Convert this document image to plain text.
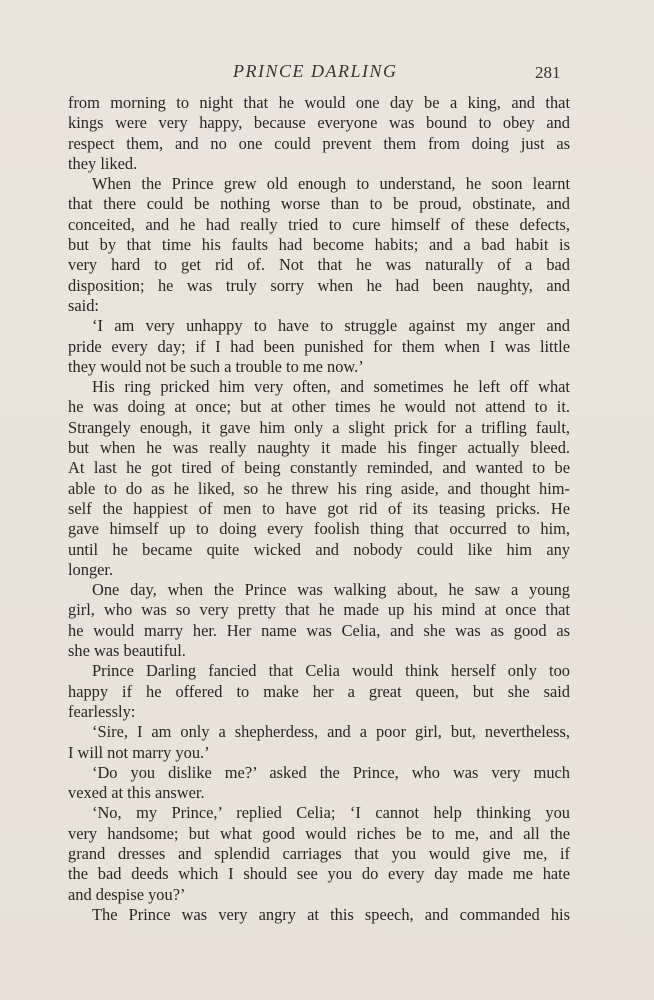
PRINCE DARLING	281
from morning to night that he would one day be a king, and that
kings were very happy, because everyone was bound to obey and
respect them, and no one could prevent them from doing just as
they liked.
When the Prince grew old enough to understand, he soon learnt
that there could be nothing worse than to be proud, obstinate, and
conceited, and he had really tried to cure himself of these defects,
but by that time his faults had become habits; and a bad habit is
very hard to get rid of. Not that he was naturally of a bad
disposition; he was truly sorry when he had been naughty, and
said:
‘I am very unhappy to have to struggle against my anger and
pride every day; if I had been punished for them when I was little
they would not be such a trouble to me now.’
His ring pricked him very often, and sometimes he left off what
he was doing at once; but at other times he would not attend to it.
Strangely enough, it gave him only a slight prick for a trifling fault,
but when he was really naughty it made his finger actually bleed.
At last he got tired of being constantly reminded, and wanted to be
able to do as he liked, so he threw his ring aside, and thought him-
self the happiest of men to have got rid of its teasing pricks. He
gave himself up to doing every foolish thing that occurred to him,
until he became quite wicked and nobody could like him any
longer.
One day, when the Prince was walking about, he saw a young
girl, who was so very pretty that he made up his mind at once that
he would marry her. Her name was Celia, and she was as good as
she was beautiful.
Prince Darling fancied that Celia would think herself only too
happy if he offered to make her a great queen, but she said
fearlessly:
‘Sire, I am only a shepherdess, and a poor girl, but, nevertheless,
I will not marry you.’
‘Do you dislike me?’ asked the Prince, who was very much
vexed at this answer.
‘No, my Prince,’ replied Celia; ‘I cannot help thinking you
very handsome; but what good would riches be to me, and all the
grand dresses and splendid carriages that you would give me, if
the bad deeds which I should see you do every day made me hate
and despise you?’
The Prince was very angry at this speech, and commanded his
